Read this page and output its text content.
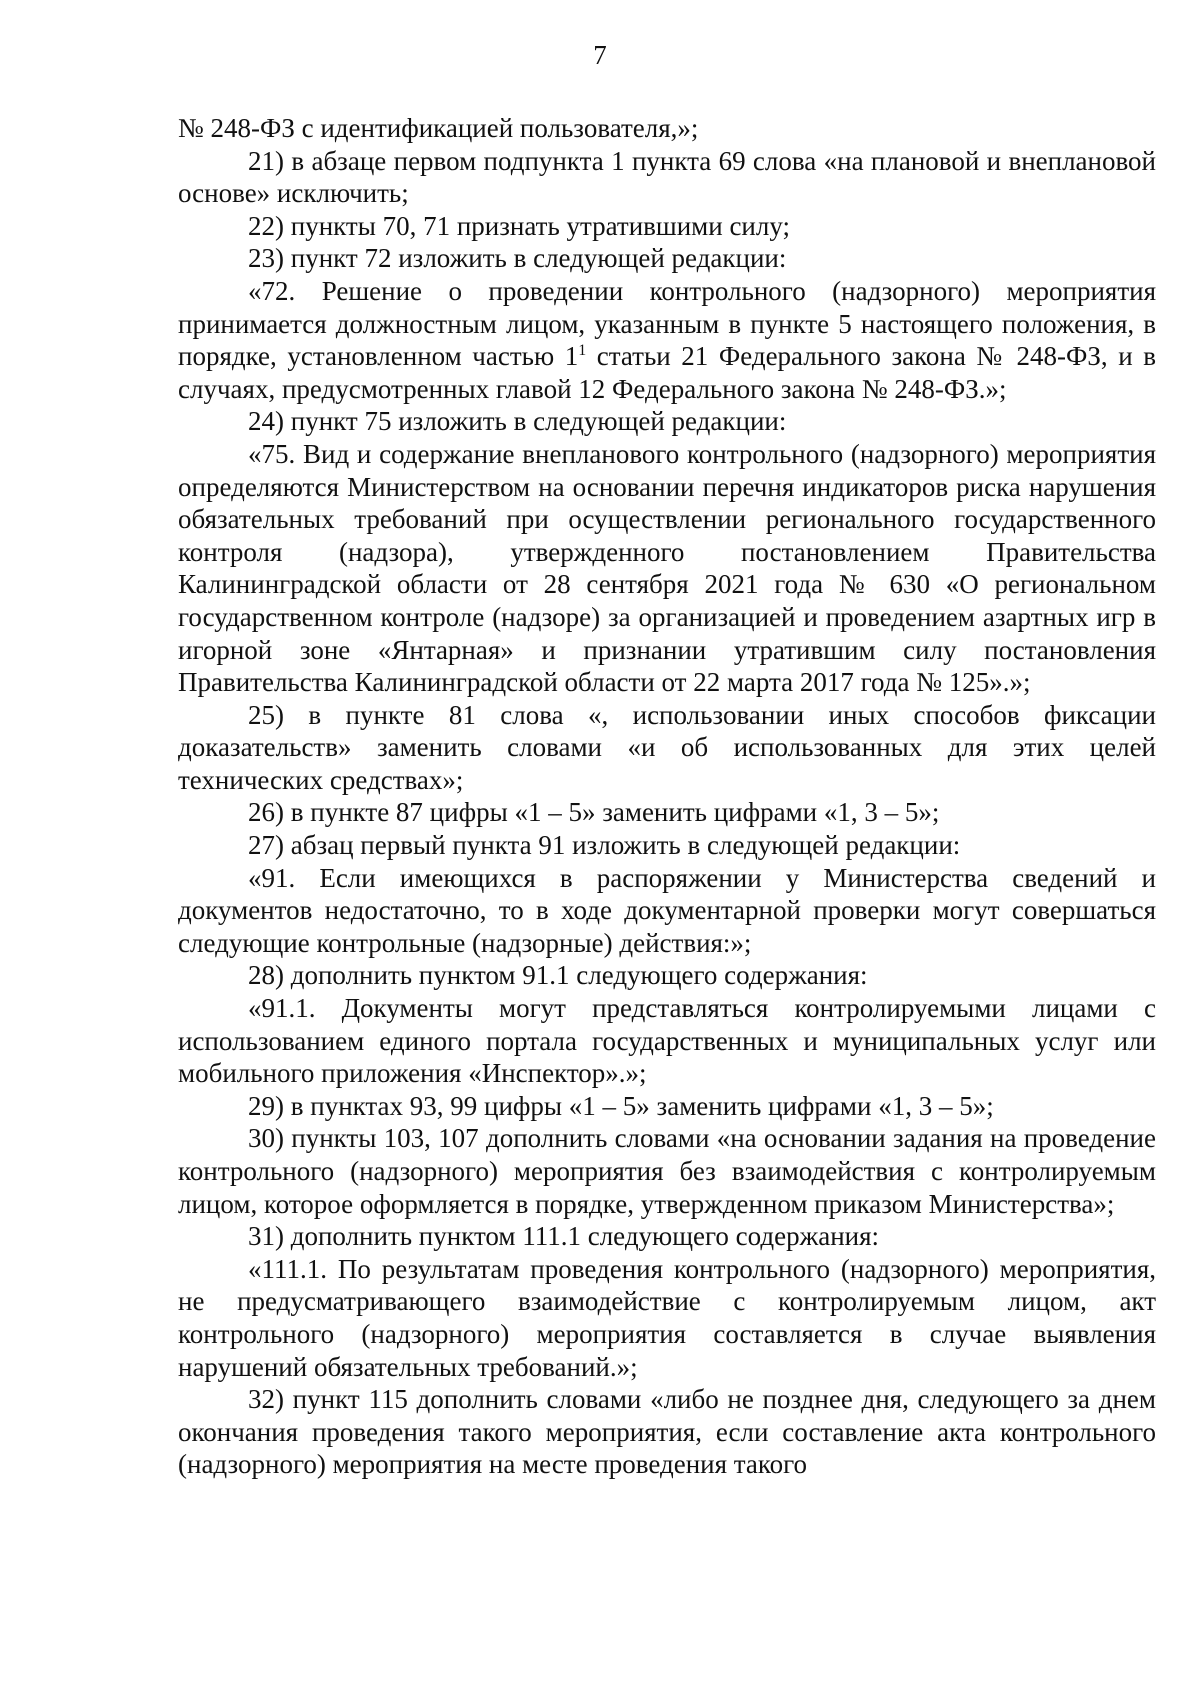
7

№ 248-ФЗ с идентификацией пользователя,»;

21) в абзаце первом подпункта 1 пункта 69 слова «на плановой и внеплановой основе» исключить;

22) пункты 70, 71 признать утратившими силу;

23) пункт 72 изложить в следующей редакции:

«72. Решение о проведении контрольного (надзорного) мероприятия принимается должностным лицом, указанным в пункте 5 настоящего положения, в порядке, установленном частью $1^1$ статьи 21 Федерального закона № 248-ФЗ, и в случаях, предусмотренных главой 12 Федерального закона № 248-ФЗ.»;

24) пункт 75 изложить в следующей редакции:

«75. Вид и содержание внепланового контрольного (надзорного) мероприятия определяются Министерством на основании перечня индикаторов риска нарушения обязательных требований при осуществлении регионального государственного контроля (надзора), утвержденного постановлением Правительства Калининградской области от 28 сентября 2021 года № 630 «О региональном государственном контроле (надзоре) за организацией и проведением азартных игр в игорной зоне «Янтарная» и признании утратившим силу постановления Правительства Калининградской области от 22 марта 2017 года № 125».»;

25) в пункте 81 слова «, использовании иных способов фиксации доказательств» заменить словами «и об использованных для этих целей технических средствах»;

26) в пункте 87 цифры «1 – 5» заменить цифрами «1, 3 – 5»;

27) абзац первый пункта 91 изложить в следующей редакции:

«91. Если имеющихся в распоряжении у Министерства сведений и документов недостаточно, то в ходе документарной проверки могут совершаться следующие контрольные (надзорные) действия:»;

28) дополнить пунктом 91.1 следующего содержания:

«91.1. Документы могут представляться контролируемыми лицами с использованием единого портала государственных и муниципальных услуг или мобильного приложения «Инспектор».»;

29) в пунктах 93, 99 цифры «1 – 5» заменить цифрами «1, 3 – 5»;

30) пункты 103, 107 дополнить словами «на основании задания на проведение контрольного (надзорного) мероприятия без взаимодействия с контролируемым лицом, которое оформляется в порядке, утвержденном приказом Министерства»;

31) дополнить пунктом 111.1 следующего содержания:

«111.1. По результатам проведения контрольного (надзорного) мероприятия, не предусматривающего взаимодействие с контролируемым лицом, акт контрольного (надзорного) мероприятия составляется в случае выявления нарушений обязательных требований.»;

32) пункт 115 дополнить словами «либо не позднее дня, следующего за днем окончания проведения такого мероприятия, если составление акта контрольного (надзорного) мероприятия на месте проведения такого
